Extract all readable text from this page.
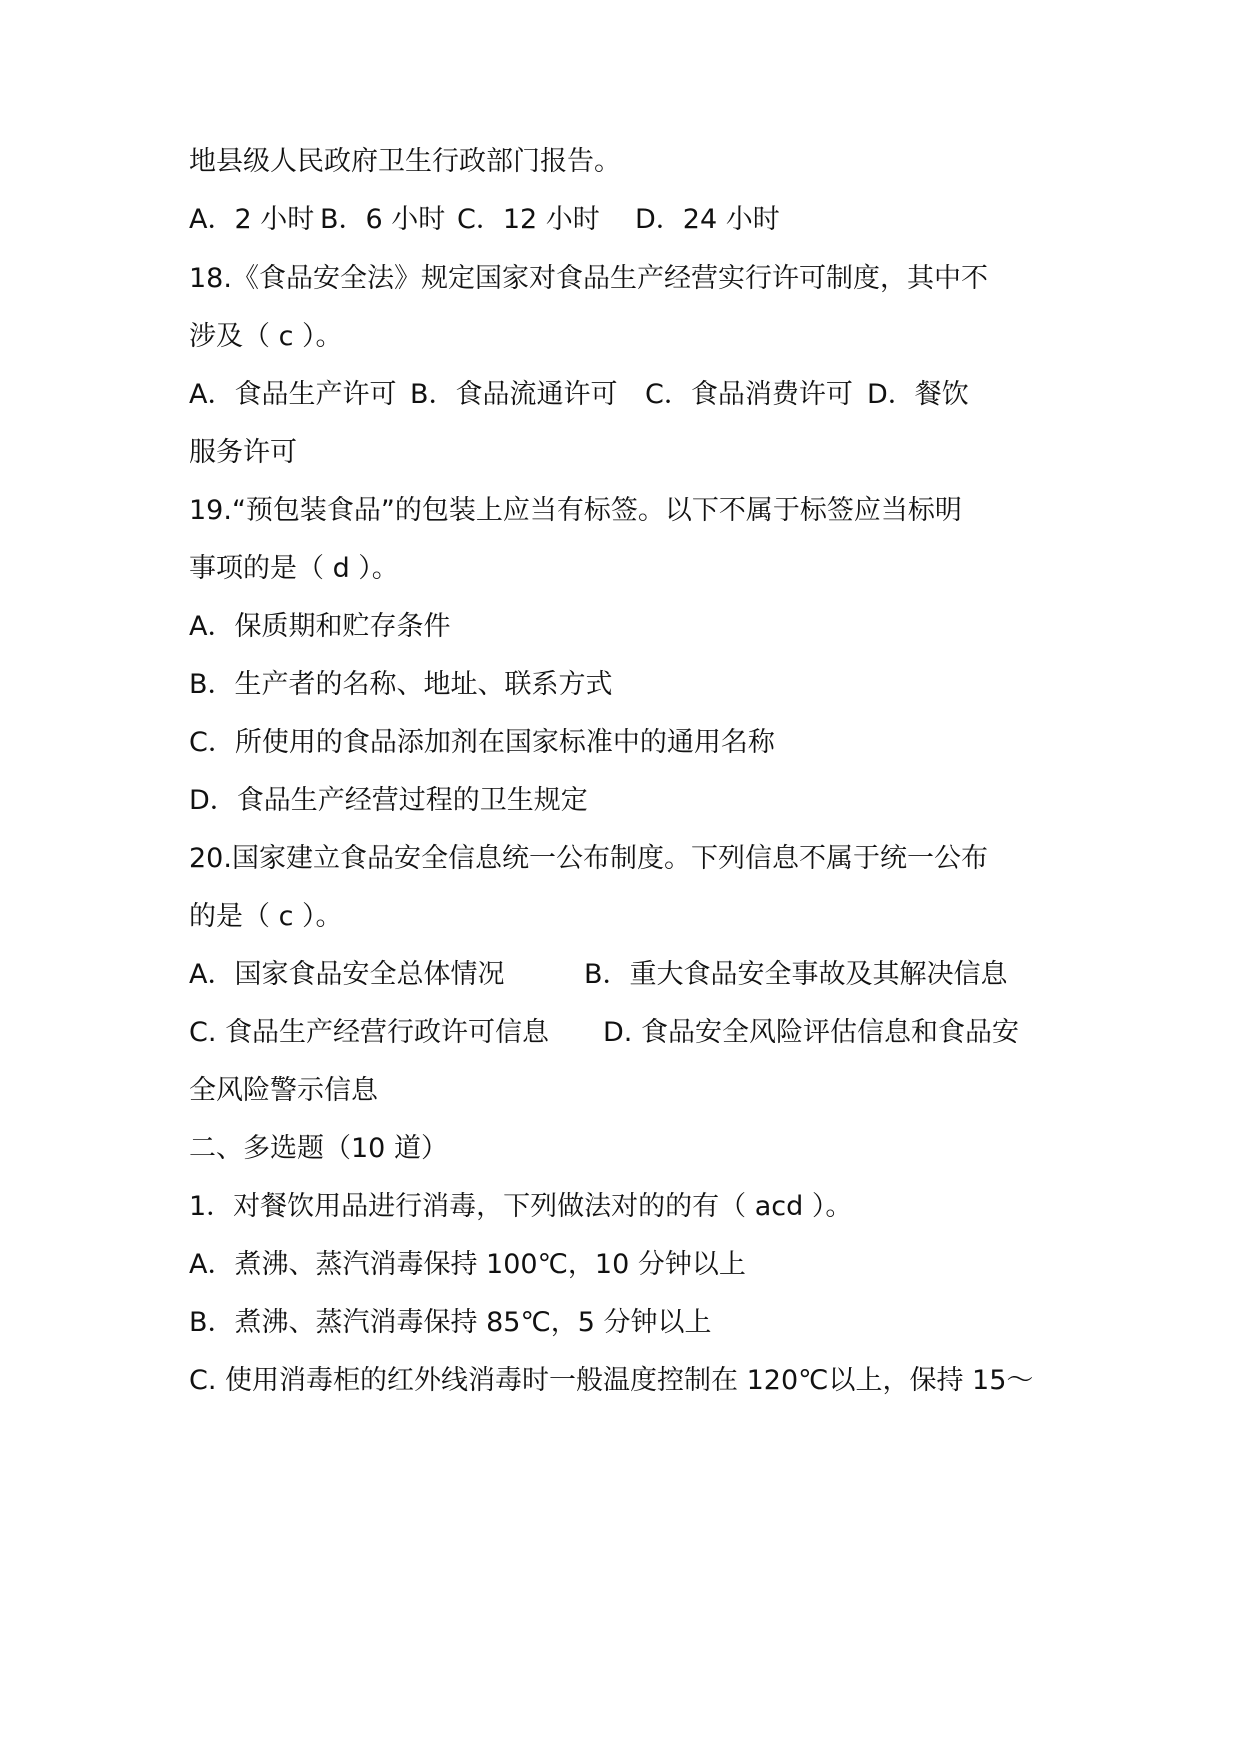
地县级人民政府卫生行政部门报告。
A．2 小时 B．6 小时 C．12 小时 D．24 小时
18.《食品安全法》规定国家对食品生产经营实行许可制度，其中不
涉及（ c ）。
A．食品生产许可 B．食品流通许可 C．食品消费许可 D．餐饮
服务许可
19.“预包装食品”的包装上应当有标签。以下不属于标签应当标明
事项的是（ d ）。
A．保质期和贮存条件
B．生产者的名称、地址、联系方式
C．所使用的食品添加剂在国家标准中的通用名称
D．食品生产经营过程的卫生规定
20.国家建立食品安全信息统一公布制度。下列信息不属于统一公布
的是（ c ）。
A．国家食品安全总体情况	B．重大食品安全事故及其解决信息
C. 食品生产经营行政许可信息 D. 食品安全风险评估信息和食品安
全风险警示信息
二、多选题（10 道）
1．对餐饮用品进行消毒，下列做法对的的有（ acd ）。
A．煮沸、蒸汽消毒保持 100℃，10 分钟以上
B．煮沸、蒸汽消毒保持 85℃，5 分钟以上
C. 使用消毒柜的红外线消毒时一般温度控制在 120℃以上，保持 15～
